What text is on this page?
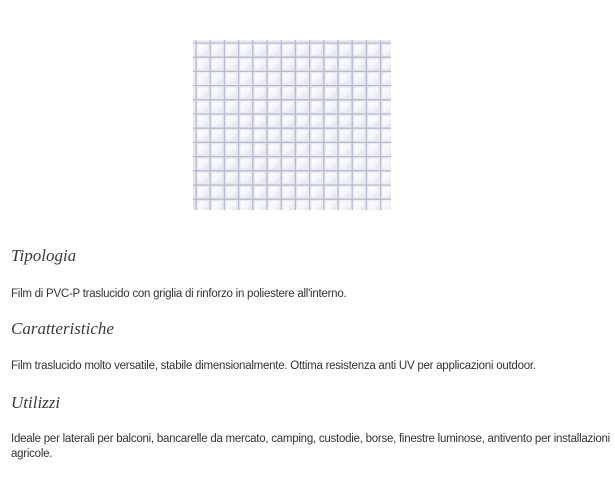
Tipologia

Film di PVC-P traslucido con griglia di rinforzo in poliestere all'interno.

Caratteristiche

Film traslucido molto versatile, stabile dimensionalmente. Ottima resistenza anti UV per applicazioni outdoor.

Utilizzi

Ideale per laterali per balconi, bancarelle da mercato, camping, custodie, borse, finestre luminose, antivento per installazioni agricole.
